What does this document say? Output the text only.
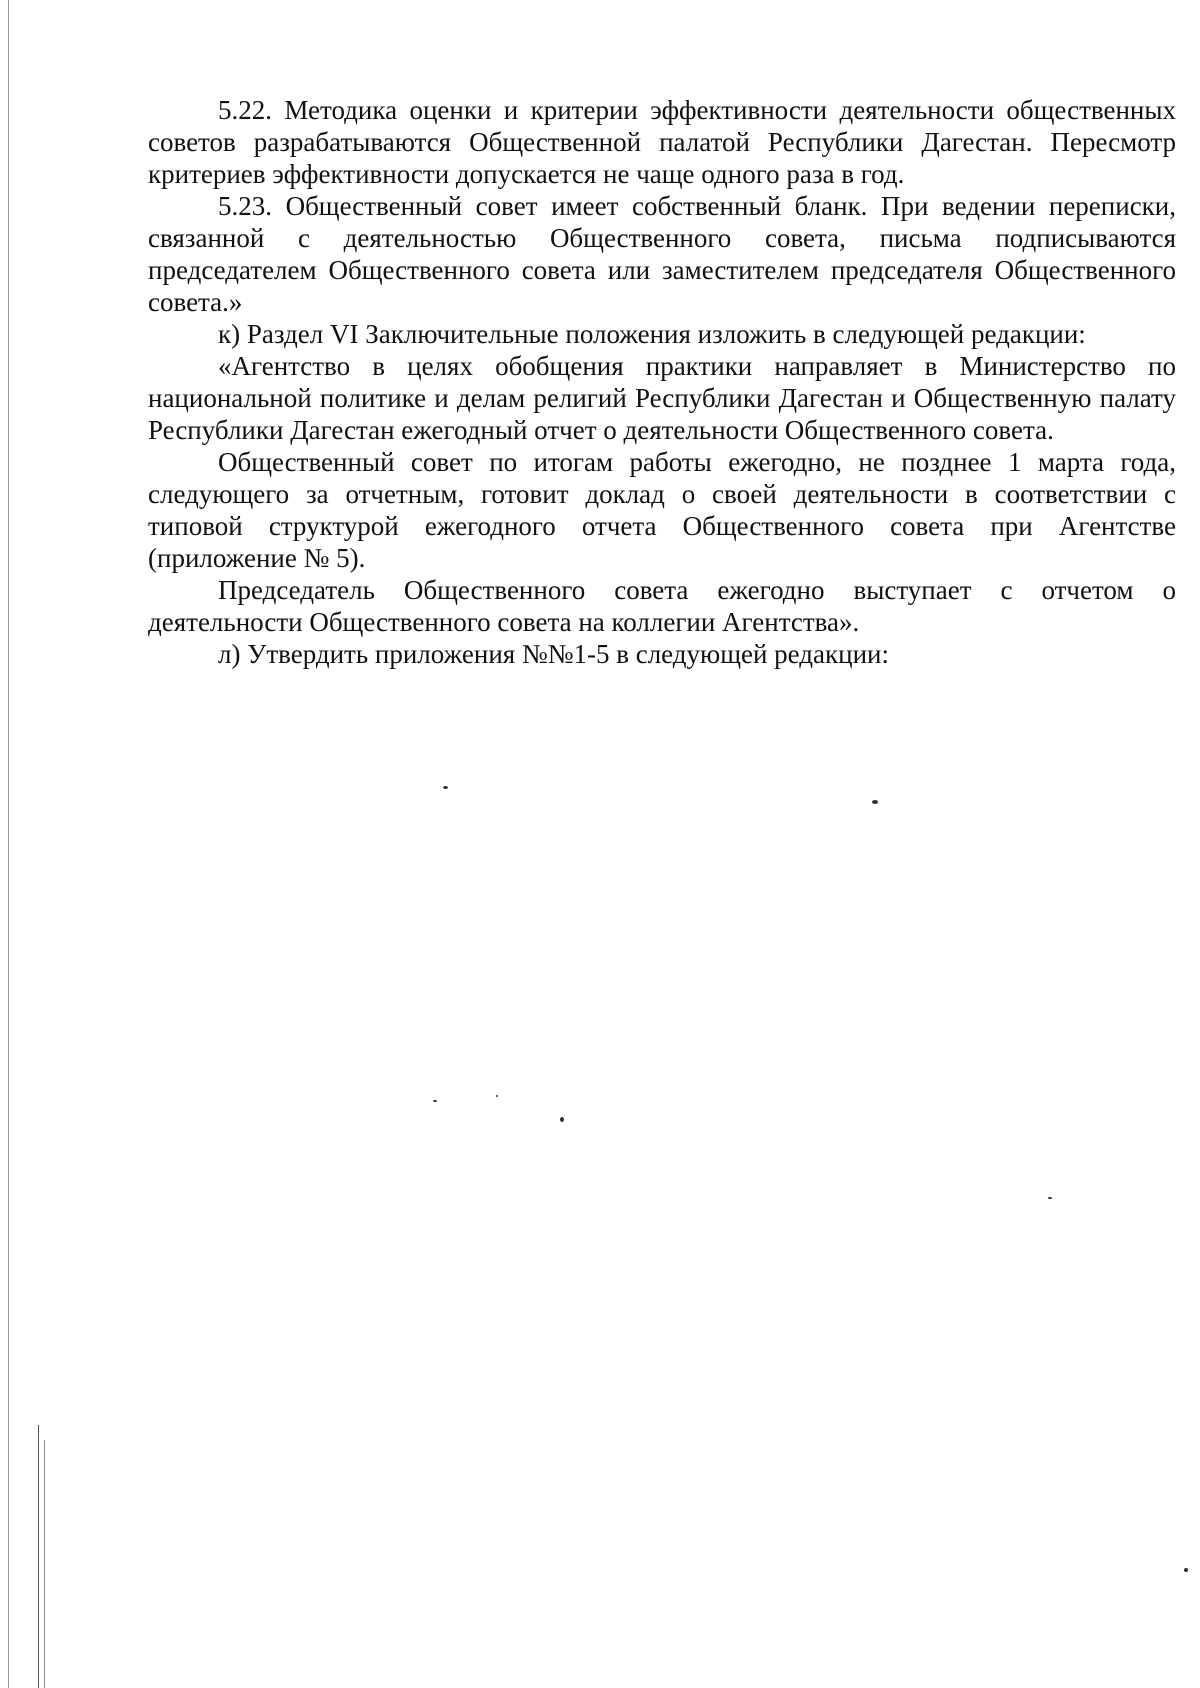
5.22. Методика оценки и критерии эффективности деятельности общественных советов разрабатываются Общественной палатой Республики Дагестан. Пересмотр критериев эффективности допускается не чаще одного раза в год.

5.23. Общественный совет имеет собственный бланк. При ведении переписки, связанной с деятельностью Общественного совета, письма подписываются председателем Общественного совета или заместителем председателя Общественного совета.»

к) Раздел VI Заключительные положения изложить в следующей редакции:

«Агентство в целях обобщения практики направляет в Министерство по национальной политике и делам религий Республики Дагестан и Общественную палату Республики Дагестан ежегодный отчет о деятельности Общественного совета.

Общественный совет по итогам работы ежегодно, не позднее 1 марта года, следующего за отчетным, готовит доклад о своей деятельности в соответствии с типовой структурой ежегодного отчета Общественного совета при Агентстве (приложение № 5).

Председатель Общественного совета ежегодно выступает с отчетом о деятельности Общественного совета на коллегии Агентства».

л) Утвердить приложения №№1-5 в следующей редакции:
